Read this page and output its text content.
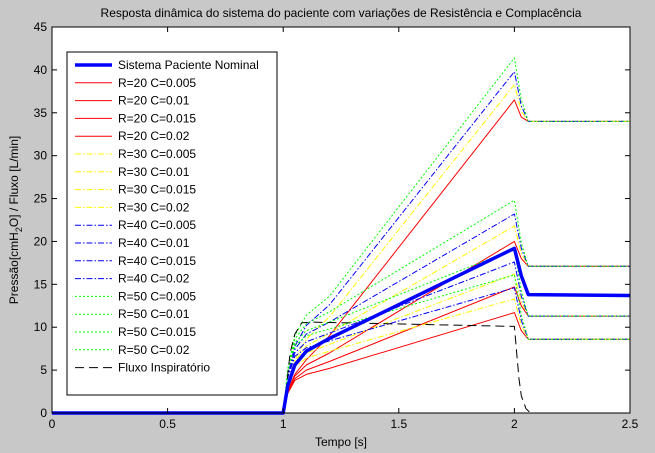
Resposta dinâmica do sistema do paciente com variações de Resistência e Complacência
0	0.5	1	1.5	2	2.5
0
5
10
15
20
25
30
35
40
45
Tempo [s]
Pressão[cmH$_2$O] / Fluxo [L/min]
Sistema Paciente Nominal
R=20 C=0.005
R=20 C=0.01
R=20 C=0.015
R=20 C=0.02
R=30 C=0.005
R=30 C=0.01
R=30 C=0.015
R=30 C=0.02
R=40 C=0.005
R=40 C=0.01
R=40 C=0.015
R=40 C=0.02
R=50 C=0.005
R=50 C=0.01
R=50 C=0.015
R=50 C=0.02
Fluxo Inspiratório
